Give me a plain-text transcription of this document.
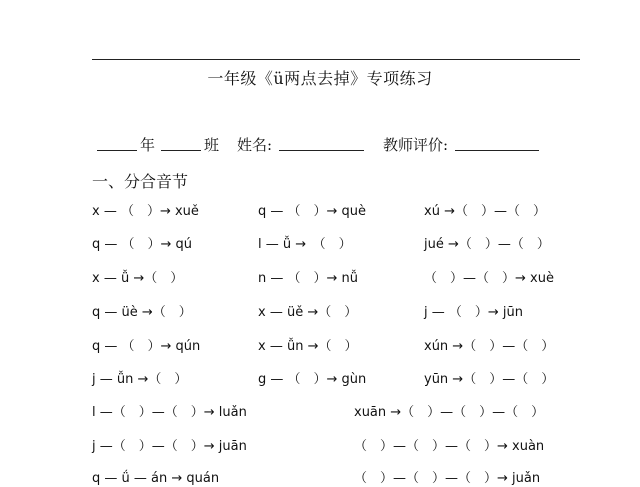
一年级《ü两点去掉》专项练习
年	班 姓名:	教师评价:
一、分合音节
x — （　）→ xuě	q — （　）→ què	xú →（　）—（　）
q — （　）→ qú	l — ǚ →　（　）	jué →（　）—（　）
x — ǚ →（　）	n — （　）→ nǚ	（　）—（　）→ xuè
q — üè →（　）	x — üě →（　）	j — （　）→ jūn
q — （　）→ qún	x — ǚn →（　）	xún →（　）—（　）
j — ǚn →（　）	g — （　）→ gùn	yūn →（　）—（　）
l —（　）—（　）→ luǎn	xuān →（　）—（　）—（　）
j —（　）—（　）→ juān	（　）—（　）—（　）→ xuàn
q — ǘ — án → quán	（　）—（　）—（　）→ juǎn
